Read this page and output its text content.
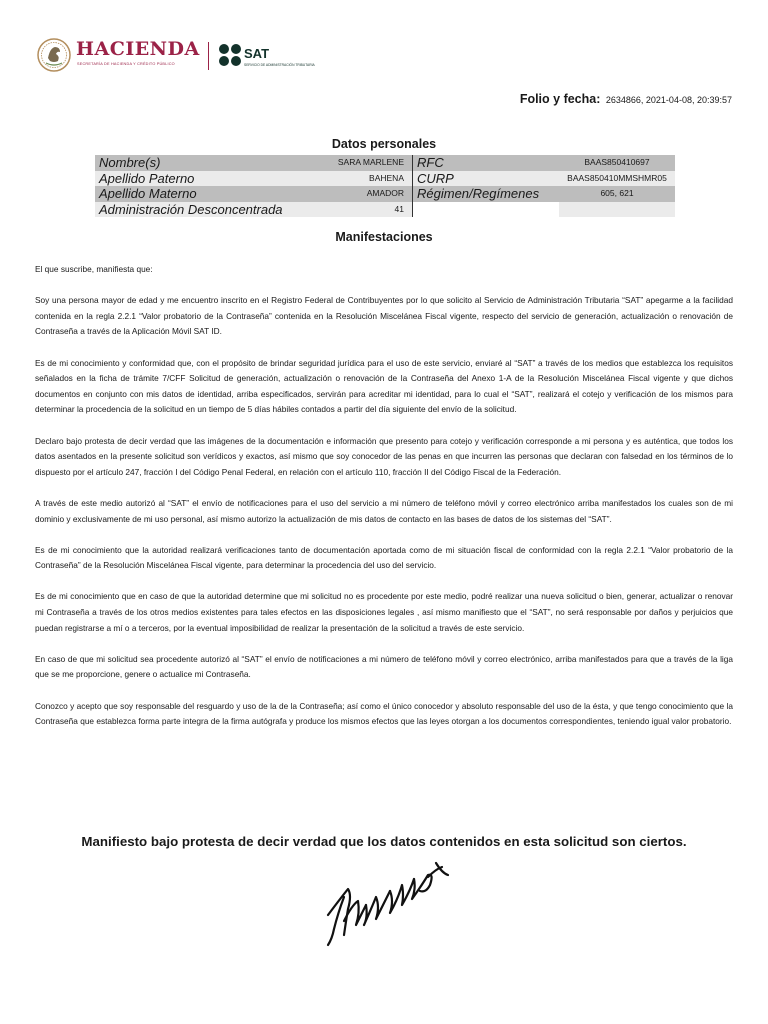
HACIENDA
SECRETARÍA DE HACIENDA Y CRÉDITO PÚBLICO
SAT
SERVICIO DE ADMINISTRACIÓN TRIBUTARIA
Folio y fecha: 2634866, 2021-04-08, 20:39:57
Datos personales
Nombre(s)	SARA MARLENE	RFC	BAAS850410697
Apellido Paterno	BAHENA	CURP	BAAS850410MMSHMR05
Apellido Materno	AMADOR	Régimen/Regímenes	605, 621
Administración Desconcentrada	41		
Manifestaciones

El que suscribe, manifiesta que:

Soy una persona mayor de edad y me encuentro inscrito en el Registro Federal de Contribuyentes por lo que solicito al Servicio de Administración Tributaria “SAT” apegarme a la facilidad contenida en la regla 2.2.1 “Valor probatorio de la Contraseña” contenida en la Resolución Miscelánea Fiscal vigente, respecto del servicio de generación, actualización o renovación de Contraseña a través de la Aplicación Móvil SAT ID.

Es de mi conocimiento y conformidad que, con el propósito de brindar seguridad jurídica para el uso de este servicio, enviaré al “SAT” a través de los medios que establezca los requisitos señalados en la ficha de trámite 7/CFF Solicitud de generación, actualización o renovación de la Contraseña del Anexo 1-A de la Resolución Miscelánea Fiscal vigente y que dichos documentos en conjunto con mis datos de identidad, arriba especificados, servirán para acreditar mi identidad, para lo cual el “SAT”, realizará el cotejo y verificación de los mismos para determinar la procedencia de la solicitud en un tiempo de 5 días hábiles contados a partir del día siguiente del envío de la solicitud.

Declaro bajo protesta de decir verdad que las imágenes de la documentación e información que presento para cotejo y verificación corresponde a mi persona y es auténtica, que todos los datos asentados en la presente solicitud son verídicos y exactos, así mismo que soy conocedor de las penas en que incurren las personas que declaran con falsedad en los términos de lo dispuesto por el artículo 247, fracción I del Código Penal Federal, en relación con el artículo 110, fracción II del Código Fiscal de la Federación.

A través de este medio autorizó al “SAT” el envío de notificaciones para el uso del servicio a mi número de teléfono móvil y correo electrónico arriba manifestados los cuales son de mi dominio y exclusivamente de mi uso personal, así mismo autorizo la actualización de mis datos de contacto en las bases de datos de los sistemas del “SAT”.

Es de mi conocimiento que la autoridad realizará verificaciones tanto de documentación aportada como de mi situación fiscal de conformidad con la regla 2.2.1 “Valor probatorio de la Contraseña” de la Resolución Miscelánea Fiscal vigente, para determinar la procedencia del uso del servicio.

Es de mi conocimiento que en caso de que la autoridad determine que mi solicitud no es procedente por este medio, podré realizar una nueva solicitud o bien, generar, actualizar o renovar mi Contraseña a través de los otros medios existentes para tales efectos en las disposiciones legales , así mismo manifiesto que el “SAT”, no será responsable por daños y perjuicios que puedan registrarse a mí o a terceros, por la eventual imposibilidad de realizar la presentación de la solicitud a través de este servicio.

En caso de que mi solicitud sea procedente autorizó al “SAT” el envío de notificaciones a mi número de teléfono móvil y correo electrónico, arriba manifestados para que a través de la liga que se me proporcione, genere o actualice mi Contraseña.

Conozco y acepto que soy responsable del resguardo y uso de la de la Contraseña; así como el único conocedor y absoluto responsable del uso de la ésta, y que tengo conocimiento que la Contraseña que establezca forma parte integra de la firma autógrafa y produce los mismos efectos que las leyes otorgan a los documentos correspondientes, teniendo igual valor probatorio.

Manifiesto bajo protesta de decir verdad que los datos contenidos en esta solicitud son ciertos.
